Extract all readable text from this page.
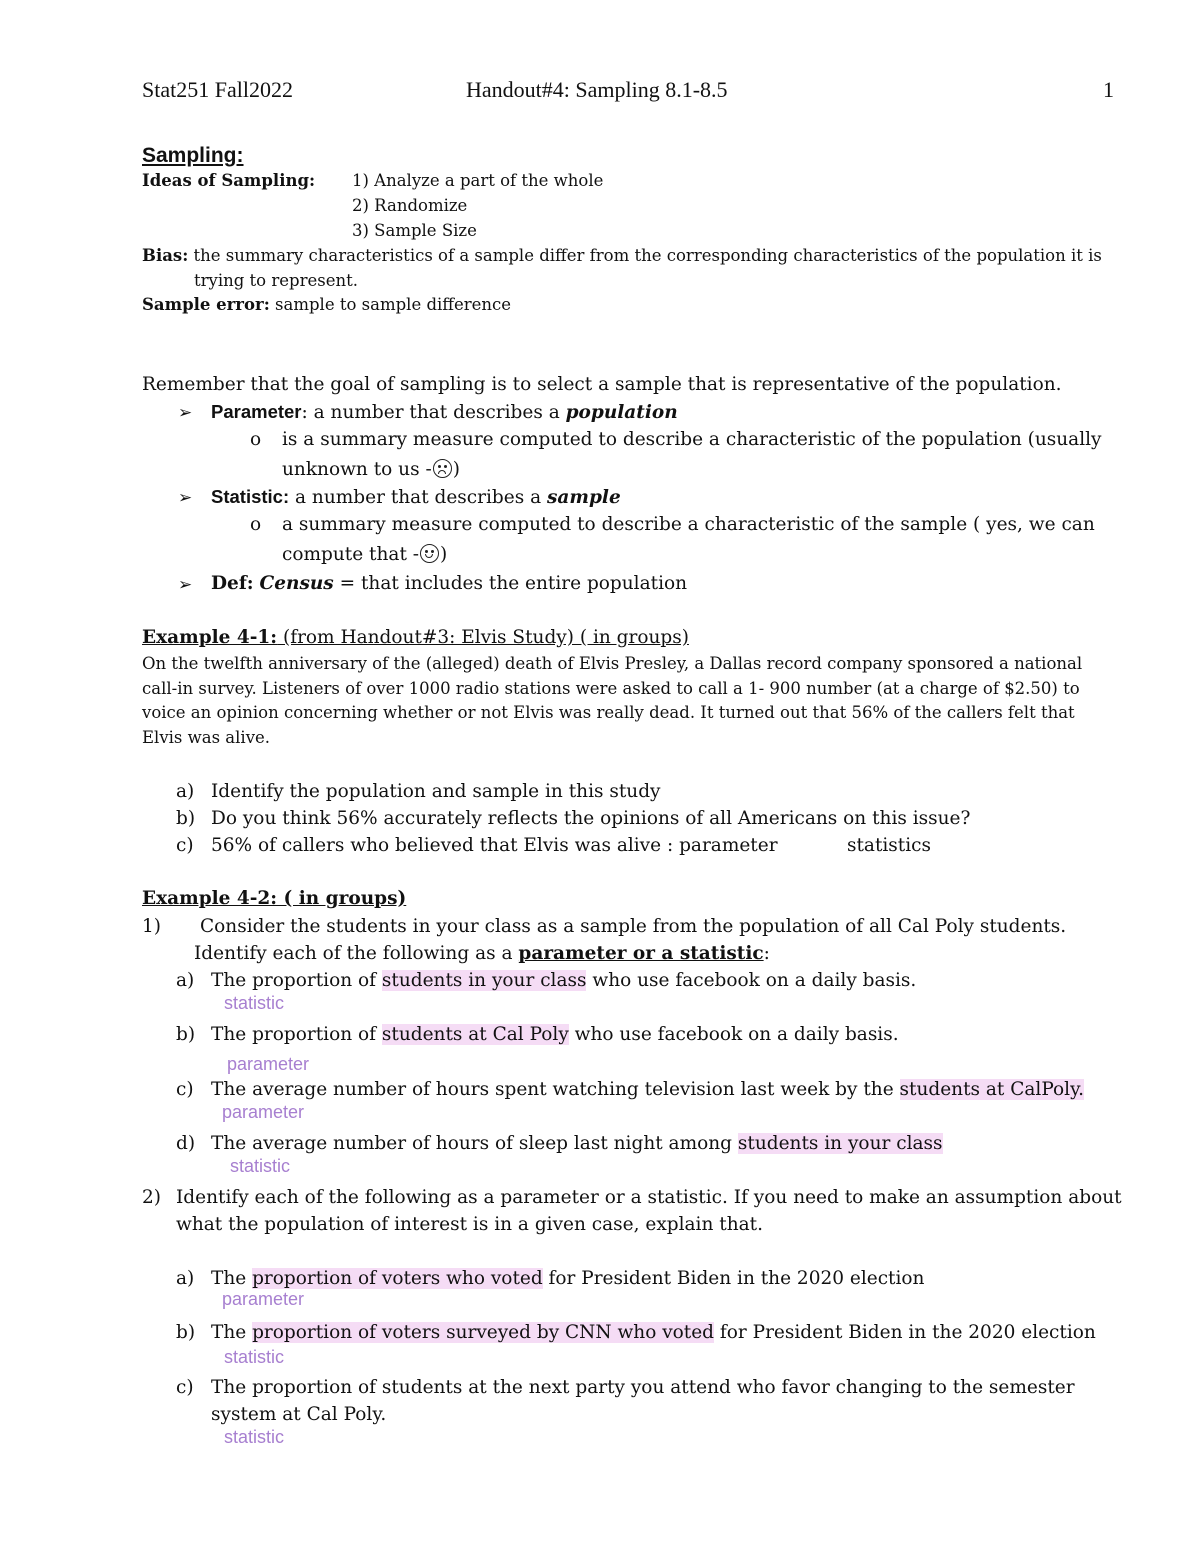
Stat251 Fall2022	Handout#4: Sampling 8.1-8.5	1
Sampling:
Ideas of Sampling: 1) Analyze a part of the whole
2) Randomize
3) Sample Size
Bias: the summary characteristics of a sample differ from the corresponding characteristics of the population it is
trying to represent.
Sample error: sample to sample difference
Remember that the goal of sampling is to select a sample that is representative of the population.
➢ Parameter: a number that describes a population
o is a summary measure computed to describe a characteristic of the population (usually
unknown to us - )
➢ Statistic: a number that describes a sample
o a summary measure computed to describe a characteristic of the sample ( yes, we can
compute that - )
➢ Def: Census = that includes the entire population
Example 4-1: (from Handout#3: Elvis Study) ( in groups)
On the twelfth anniversary of the (alleged) death of Elvis Presley, a Dallas record company sponsored a national
call-in survey. Listeners of over 1000 radio stations were asked to call a 1- 900 number (at a charge of $2.50) to
voice an opinion concerning whether or not Elvis was really dead. It turned out that 56% of the callers felt that
Elvis was alive.
a) Identify the population and sample in this study
b) Do you think 56% accurately reflects the opinions of all Americans on this issue?
c) 56% of callers who believed that Elvis was alive : parameter	statistics
Example 4-2: ( in groups)
1) Consider the students in your class as a sample from the population of all Cal Poly students.
Identify each of the following as a parameter or a statistic:
a) The proportion of students in your class who use facebook on a daily basis.
statistic
b) The proportion of students at Cal Poly who use facebook on a daily basis.
parameter
c) The average number of hours spent watching television last week by the students at CalPoly.
parameter
d) The average number of hours of sleep last night among students in your class
statistic
2) Identify each of the following as a parameter or a statistic. If you need to make an assumption about
what the population of interest is in a given case, explain that.
a) The proportion of voters who voted for President Biden in the 2020 election
parameter
b) The proportion of voters surveyed by CNN who voted for President Biden in the 2020 election
statistic
c) The proportion of students at the next party you attend who favor changing to the semester
system at Cal Poly.
statistic
